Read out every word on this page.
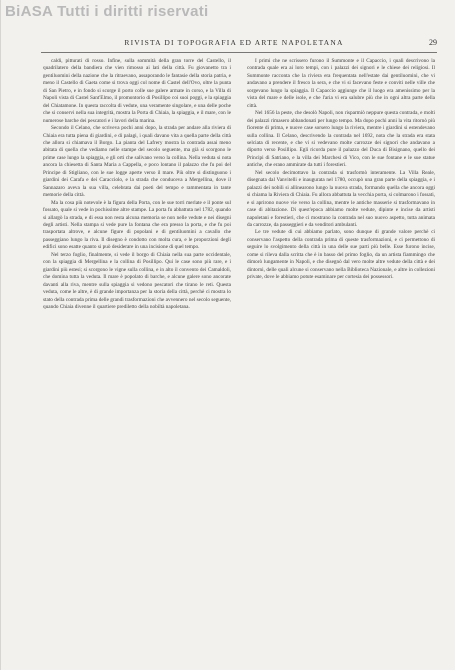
BiASA Tutti i diritti riservati
RIVISTA DI TOPOGRAFIA ED ARTE NAPOLETANA	29

caldi, pitturati di rosso. Infine, sulla sommità della gran torre del Castello, il quadrilatero della bandiera che vien rimosso ai lati della città. Fu giovanetto tra i gentiluomini della nazione che la ritraevano, assaporando le fantasie della storia patria, e meno il Castello di Gaeta come si trova oggi col nome di Castel dell'Ovo, oltre la punta di San Pietro, e in fondo si scorge il porto colle sue galere armate in corso, e la Villa di Napoli vista di Castel Sant'Elmo, il promontorio di Posillipo coi suoi poggi, e la spiaggia del Chiatamone. In questa raccolta di vedute, una veramente singolare, e una delle poche che si conservi nella sua integrità, mostra la Porta di Chiaia, la spiaggia, e il mare, con le numerose barche dei pescatori e i lavori della marina.

Secondo il Celano, che scriveva pochi anni dopo, la strada per andare alla riviera di Chiaia era tutta piena di giardini, e di palagi, i quali davano vita a quella parte della città che allora si chiamava il Borgo. La pianta del Lafrery mostra la contrada assai meno abitata di quella che vediamo nelle stampe del secolo seguente, ma già si scorgono le prime case lungo la spiaggia, e gli orti che salivano verso la collina. Nella veduta si nota ancora la chiesetta di Santa Maria a Cappella, e poco lontano il palazzo che fu poi del Principe di Stigliano, con le sue logge aperte verso il mare. Più oltre si distinguono i giardini dei Carafa e dei Caracciolo, e la strada che conduceva a Mergellina, dove il Sannazaro aveva la sua villa, celebrata dai poeti del tempo e rammentata in tante memorie della città.

Ma la cosa più notevole è la figura della Porta, con le sue torri merlate e il ponte sul fossato, quale si vede in pochissime altre stampe. La porta fu abbattuta nel 1782, quando si allargò la strada, e di essa non resta alcuna memoria se non nelle vedute e nei disegni degli artisti. Nella stampa si vede pure la fontana che era presso la porta, e che fu poi trasportata altrove, e alcune figure di popolani e di gentiluomini a cavallo che passeggiano lungo la riva. Il disegno è condotto con molta cura, e le proporzioni degli edifici sono esatte quanto si può desiderare in una incisione di quel tempo.

Nel terzo foglio, finalmente, si vede il borgo di Chiaia nella sua parte occidentale, con la spiaggia di Mergellina e la collina di Posillipo. Qui le case sono più rare, e i giardini più estesi; si scorgono le vigne sulla collina, e in alto il convento dei Camaldoli, che domina tutta la veduta. Il mare è popolato di barche, e alcune galere sono ancorate davanti alla riva, mentre sulla spiaggia si vedono pescatori che tirano le reti. Questa veduta, come le altre, è di grande importanza per la storia della città, perchè ci mostra lo stato della contrada prima delle grandi trasformazioni che avvennero nel secolo seguente, quando Chiaia divenne il quartiere prediletto della nobiltà napoletana.

I primi che ne scrissero furono il Summonte e il Capaccio, i quali descrivono la contrada quale era ai loro tempi, con i palazzi dei signori e le chiese dei religiosi. Il Summonte racconta che la riviera era frequentata nell'estate dai gentiluomini, che vi andavano a prendere il fresco la sera, e che vi si facevano feste e conviti nelle ville che sorgevano lungo la spiaggia. Il Capaccio aggiunge che il luogo era amenissimo per la vista del mare e delle isole, e che l'aria vi era salubre più che in ogni altra parte della città.

Nel 1656 la peste, che desolò Napoli, non risparmiò neppure questa contrada, e molti dei palazzi rimasero abbandonati per lungo tempo. Ma dopo pochi anni la vita ritornò più fiorente di prima, e nuove case sorsero lungo la riviera, mentre i giardini si estendevano sulla collina. Il Celano, descrivendo la contrada nel 1692, nota che la strada era stata selciata di recente, e che vi si vedevano molte carrozze dei signori che andavano a diporto verso Posillipo. Egli ricorda pure il palazzo del Duca di Bisignano, quello dei Principi di Satriano, e la villa dei Marchesi di Vico, con le sue fontane e le sue statue antiche, che erano ammirate da tutti i forestieri.

Nel secolo decimottavo la contrada si trasformò interamente. La Villa Reale, disegnata dal Vanvitelli e inaugurata nel 1780, occupò una gran parte della spiaggia, e i palazzi dei nobili si allinearono lungo la nuova strada, formando quella che ancora oggi si chiama la Riviera di Chiaia. Fu allora abbattuta la vecchia porta, si colmarono i fossati, e si aprirono nuove vie verso la collina, mentre le antiche masserie si trasformavano in case di abitazione. Di quest'epoca abbiamo molte vedute, dipinte e incise da artisti napoletani e forestieri, che ci mostrano la contrada nel suo nuovo aspetto, tutta animata da carrozze, da passeggieri e da venditori ambulanti.

Le tre vedute di cui abbiamo parlato, sono dunque di grande valore perchè ci conservano l'aspetto della contrada prima di queste trasformazioni, e ci permettono di seguire lo svolgimento della città in una delle sue parti più belle. Esse furono incise, come si rileva dalla scritta che è in basso del primo foglio, da un artista fiammingo che dimorò lungamente in Napoli, e che disegnò dal vero molte altre vedute della città e dei dintorni, delle quali alcune si conservano nella Biblioteca Nazionale, e altre in collezioni private, dove le abbiamo potute esaminare per cortesia dei possessori.
